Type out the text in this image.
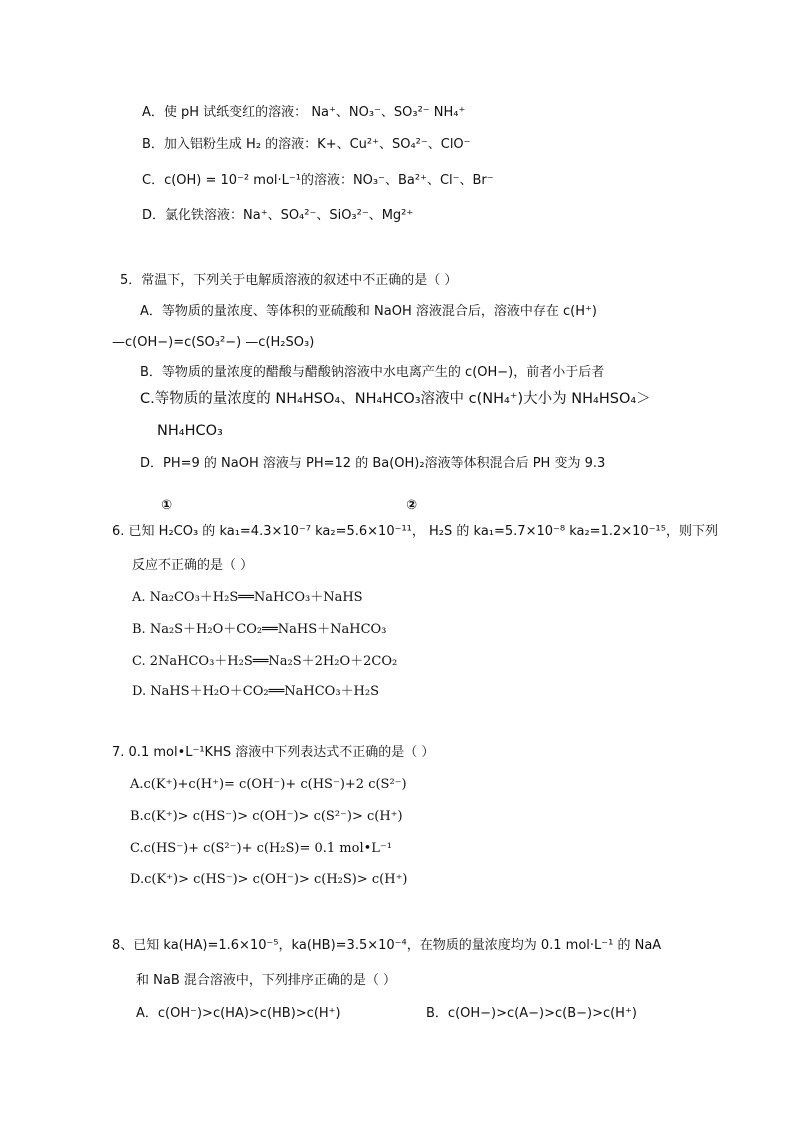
A．使 pH 试纸变红的溶液： Na⁺、NO₃⁻、SO₃²⁻ NH₄⁺
B．加入铝粉生成 H₂ 的溶液：K+、Cu²⁺、SO₄²⁻、ClO⁻
C．c(OH) = 10⁻² mol·L⁻¹的溶液：NO₃⁻、Ba²⁺、Cl⁻、Br⁻
D．氯化铁溶液：Na⁺、SO₄²⁻、SiO₃²⁻、Mg²⁺
5．常温下，下列关于电解质溶液的叙述中不正确的是（ ）
A．等物质的量浓度、等体积的亚硫酸和 NaOH 溶液混合后，溶液中存在 c(H⁺)
—c(OH−)=c(SO₃²−) —c(H₂SO₃)
B．等物质的量浓度的醋酸与醋酸钠溶液中水电离产生的 c(OH−)，前者小于后者
C.等物质的量浓度的 NH₄HSO₄、NH₄HCO₃溶液中 c(NH₄⁺)大小为 NH₄HSO₄＞
NH₄HCO₃
D．PH=9 的 NaOH 溶液与 PH=12 的 Ba(OH)₂溶液等体积混合后 PH 变为 9.3
①	②
6. 已知 H₂CO₃ 的 ka₁=4.3×10⁻⁷ ka₂=5.6×10⁻¹¹， H₂S 的 ka₁=5.7×10⁻⁸ ka₂=1.2×10⁻¹⁵，则下列
反应不正确的是（ ）
A. Na₂CO₃＋H₂S══NaHCO₃＋NaHS
B. Na₂S＋H₂O＋CO₂══NaHS＋NaHCO₃
C. 2NaHCO₃＋H₂S══Na₂S＋2H₂O＋2CO₂
D. NaHS＋H₂O＋CO₂══NaHCO₃＋H₂S
7. 0.1 mol•L⁻¹KHS 溶液中下列表达式不正确的是（ ）
A.c(K⁺)+c(H⁺)= c(OH⁻)+ c(HS⁻)+2 c(S²⁻)
B.c(K⁺)> c(HS⁻)> c(OH⁻)> c(S²⁻)> c(H⁺)
C.c(HS⁻)+ c(S²⁻)+ c(H₂S)= 0.1 mol•L⁻¹
D.c(K⁺)> c(HS⁻)> c(OH⁻)> c(H₂S)> c(H⁺)
8、已知 ka(HA)=1.6×10⁻⁵，ka(HB)=3.5×10⁻⁴，在物质的量浓度均为 0.1 mol·L⁻¹ 的 NaA
和 NaB 混合溶液中，下列排序正确的是（ ）
A．c(OH⁻)>c(HA)>c(HB)>c(H⁺)	B．c(OH−)>c(A−)>c(B−)>c(H⁺)
